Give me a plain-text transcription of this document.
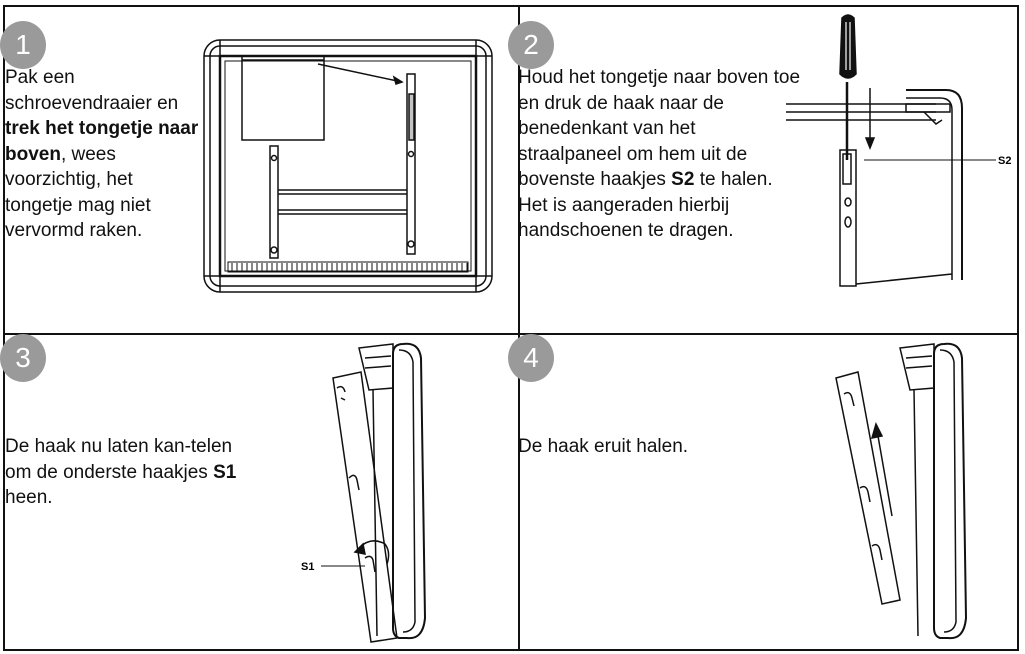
1
Pak een schroevendraaier en trek het tongetje naar boven, wees voorzichtig, het tongetje mag niet vervormd raken.
2
Houd het tongetje naar boven toe en druk de haak naar de benedenkant van het straalpaneel om hem uit de bovenste haakjes S2 te halen. Het is aangeraden hierbij handschoenen te dragen.
S2
3
De haak nu laten kan-telen om de onderste haakjes S1 heen.
S1
4
De haak eruit halen.
